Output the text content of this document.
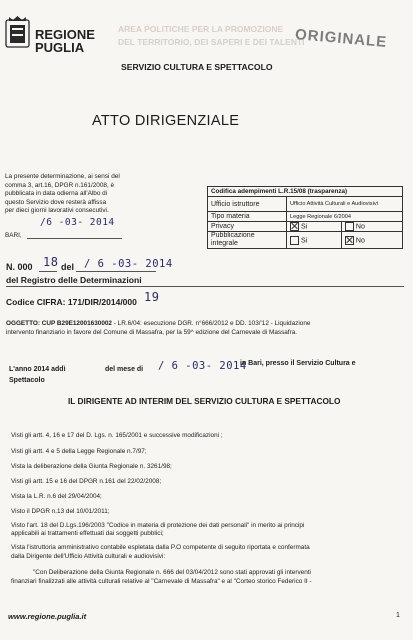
REGIONE
PUGLIA
AREA POLITICHE PER LA PROMOZIONE
DEL TERRITORIO, DEI SAPERI E DEI TALENTI
ORIGINALE
SERVIZIO CULTURA E SPETTACOLO
ATTO DIRIGENZIALE
La presente determinazione, ai sensi del
comma 3, art.16, DPGR n.161/2008, è
pubblicata in data odierna all'Albo di
questo Servizio dove resterà affissa
per dieci giorni lavorativi consecutivi.
/6 -03- 2014
BARI,
Codifica adempimenti L.R.15/08 (trasparenza)		
Ufficio istruttore	Ufficio Attività Culturali e Audiovisivi	
Tipo materia	Legge Regionale 6/2004	
Privacy	Si	No
Pubblicazione integrale	Si	No
N. 000 18 del / 6 -03- 2014
del Registro delle Determinazioni
Codice CIFRA: 171/DIR/2014/000 19
OGGETTO: CUP B29E12001630002 - LR.6/04: esecuzione DGR. n°666/2012 e DD. 103/'12 - Liquidazione
intervento finanziario in favore del Comune di Massafra, per la 59^ edizione del Carnevale di Massafra.
L'anno 2014 addì	del mese di / 6 -03- 2014
in Bari, presso il Servizio Cultura e
Spettacolo
IL DIRIGENTE AD INTERIM DEL SERVIZIO CULTURA E SPETTACOLO
Visti gli artt. 4, 16 e 17 del D. Lgs. n. 165/2001 e successive modificazioni ;
Visti gli artt. 4 e 5 della Legge Regionale n.7/97;
Vista la deliberazione della Giunta Regionale n. 3261/98;
Visti gli artt. 15 e 16 del DPGR n.161 del 22/02/2008;
Vista la L.R. n.6 del 29/04/2004;
Visto il DPGR n.13 del 10/01/2011;
Visto l'art. 18 del D.Lgs.196/2003 "Codice in materia di protezione dei dati personali" in merito ai principi
applicabili ai trattamenti effettuati dai soggetti pubblici;
Vista l'istruttoria amministrativo contabile espletata dalla P.O competente di seguito riportata e confermata
dalla Dirigente dell'Ufficio Attività culturali e audiovisivi:
"Con Deliberazione della Giunta Regionale n. 666 del 03/04/2012 sono stati approvati gli interventi
finanziari finalizzati alle attività culturali relative al "Carnevale di Massafra" e al "Corteo storico Federico II -
www.regione.puglia.it	1
